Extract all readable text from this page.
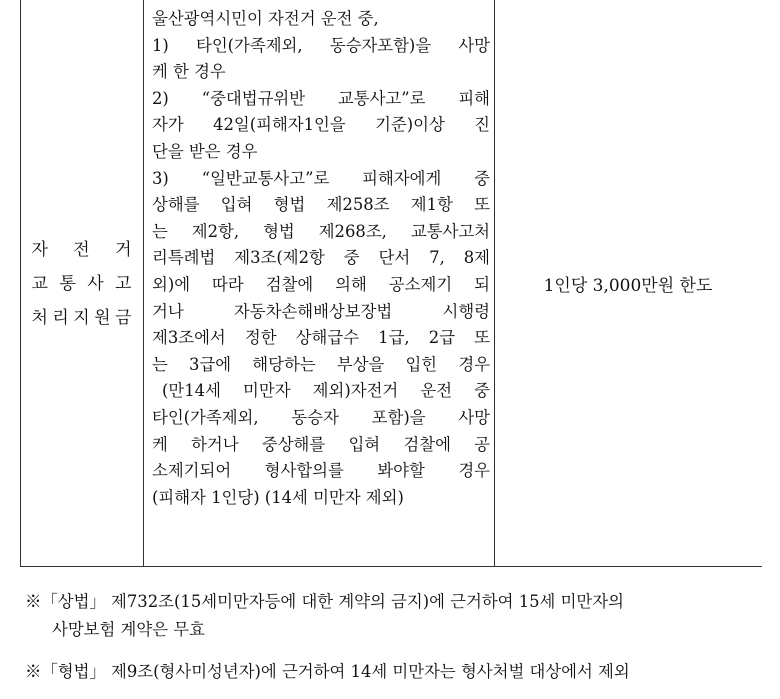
자 전 거
교 통 사 고
처 리 지 원 금
울산광역시민이 자전거 운전 중,
1) 타인(가족제외, 동승자포함)을 사망
케 한 경우
2) “중대법규위반 교통사고”로 피해
자가 42일(피해자1인을 기준)이상 진
단을 받은 경우
3) “일반교통사고”로 피해자에게 중
상해를 입혀 형법 제258조 제1항 또
는 제2항, 형법 제268조, 교통사고처
리특례법 제3조(제2항 중 단서 7, 8제
외)에 따라 검찰에 의해 공소제기 되
거나 자동차손해배상보장법 시행령
제3조에서 정한 상해급수 1급, 2급 또
는 3급에 해당하는 부상을 입힌 경우
(만14세 미만자 제외)자전거 운전 중
타인(가족제외, 동승자 포함)을 사망
케 하거나 중상해를 입혀 검찰에 공
소제기되어 형사합의를 봐야할 경우
(피해자 1인당) (14세 미만자 제외)
1인당 3,000만원 한도
※「상법」 제732조(15세미만자등에 대한 계약의 금지)에 근거하여 15세 미만자의
사망보험 계약은 무효
※「형법」 제9조(형사미성년자)에 근거하여 14세 미만자는 형사처벌 대상에서 제외
